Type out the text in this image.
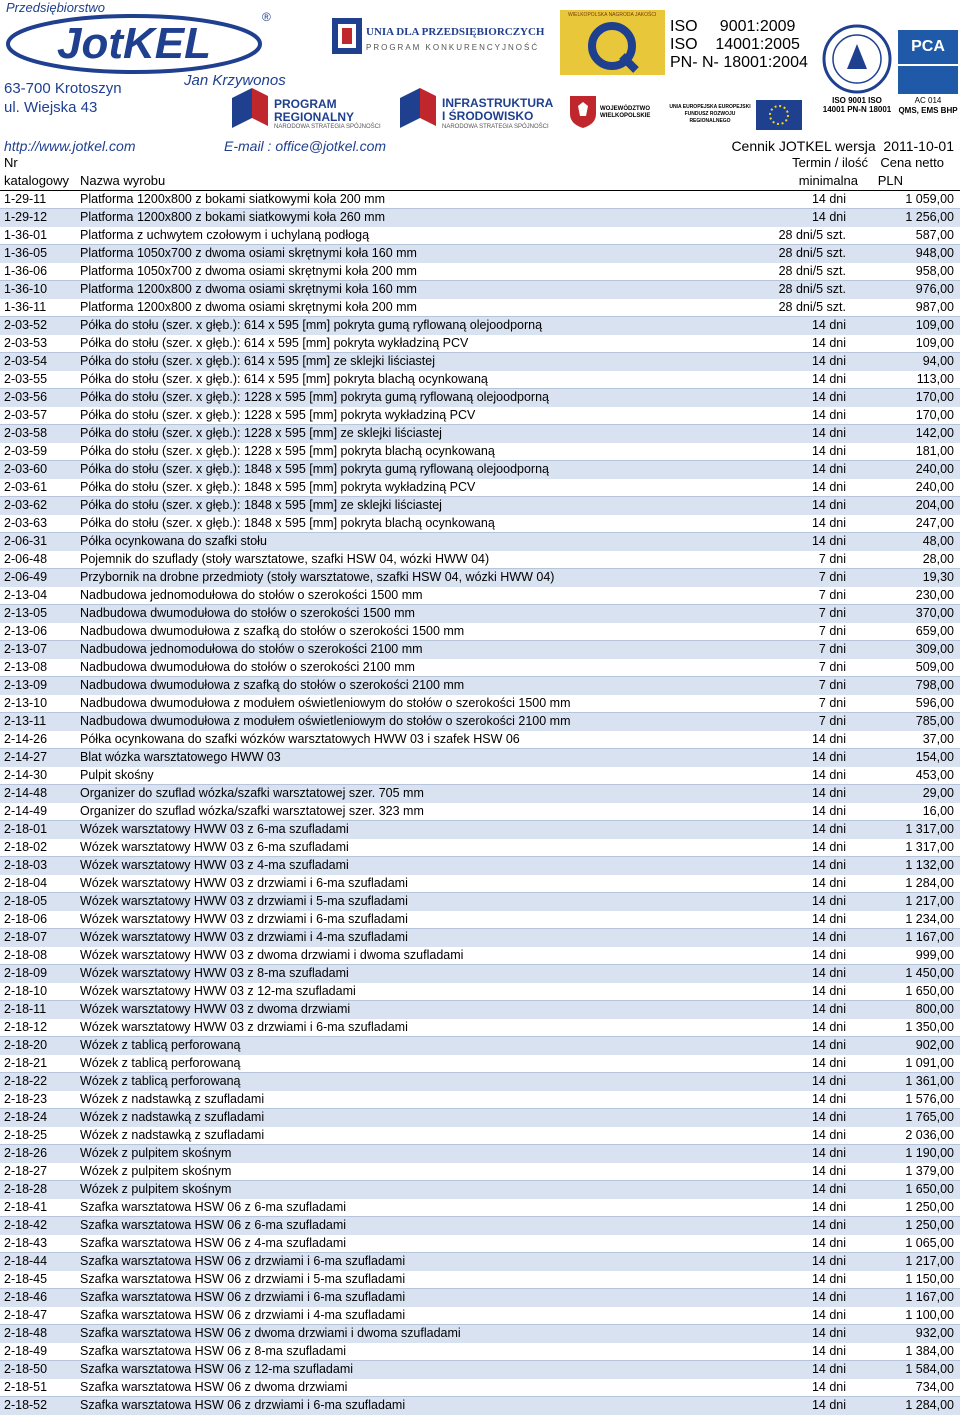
Przedsiębiorstwo
JotKEL
®
63-700 Krotoszyn
ul. Wiejska 43
Jan Krzywonos
http://www.jotkel.com	E-mail : office@jotkel.com
UNIA DLA PRZEDSIĘBIORCZYCH
PROGRAM KONKURENCYJNOŚĆ
WIELKOPOLSKA NAGRODA JAKOŚCI
ISO     9001:2009
ISO    14001:2005
PN- N- 18001:2004
ISO 9001 ISO 14001 PN-N 18001
PCA
AC 014
QMS, EMS BHP
PROGRAM REGIONALNY
NARODOWA STRATEGIA SPÓJNOŚCI
INFRASTRUKTURA
I ŚRODOWISKO
NARODOWA STRATEGIA SPÓJNOŚCI
WOJEWÓDZTWO WIELKOPOLSKIE
UNIA EUROPEJSKA EUROPEJSKI FUNDUSZ ROZWOJU REGIONALNEGO
Cennik JOTKEL wersja  2011-10-01
Nr	Termin / ilość Cena netto
katalogowy Nazwa wyrobu	minimalna PLN
1-29-11	Platforma 1200x800 z bokami siatkowymi koła 200 mm	14 dni	1 059,00
1-29-12	Platforma 1200x800 z bokami siatkowymi koła 260 mm	14 dni	1 256,00
1-36-01	Platforma z uchwytem czołowym i uchylaną podłogą	28 dni/5 szt.	587,00
1-36-05	Platforma 1050x700 z dwoma osiami skrętnymi koła 160 mm	28 dni/5 szt.	948,00
1-36-06	Platforma 1050x700 z dwoma osiami skrętnymi koła 200 mm	28 dni/5 szt.	958,00
1-36-10	Platforma 1200x800 z dwoma osiami skrętnymi koła 160 mm	28 dni/5 szt.	976,00
1-36-11	Platforma 1200x800 z dwoma osiami skrętnymi koła 200 mm	28 dni/5 szt.	987,00
2-03-52	Półka do stołu (szer. x głęb.): 614 x 595 [mm] pokryta gumą ryflowaną olejoodporną	14 dni	109,00
2-03-53	Półka do stołu (szer. x głęb.): 614 x 595 [mm] pokryta wykładziną PCV	14 dni	109,00
2-03-54	Półka do stołu (szer. x głęb.): 614 x 595 [mm] ze sklejki liściastej	14 dni	94,00
2-03-55	Półka do stołu (szer. x głęb.): 614 x 595 [mm] pokryta blachą ocynkowaną	14 dni	113,00
2-03-56	Półka do stołu (szer. x głęb.): 1228 x 595 [mm] pokryta gumą ryflowaną olejoodporną	14 dni	170,00
2-03-57	Półka do stołu (szer. x głęb.): 1228 x 595 [mm] pokryta wykładziną PCV	14 dni	170,00
2-03-58	Półka do stołu (szer. x głęb.): 1228 x 595 [mm] ze sklejki liściastej	14 dni	142,00
2-03-59	Półka do stołu (szer. x głęb.): 1228 x 595 [mm] pokryta blachą ocynkowaną	14 dni	181,00
2-03-60	Półka do stołu (szer. x głęb.): 1848 x 595 [mm] pokryta gumą ryflowaną olejoodporną	14 dni	240,00
2-03-61	Półka do stołu (szer. x głęb.): 1848 x 595 [mm] pokryta wykładziną PCV	14 dni	240,00
2-03-62	Półka do stołu (szer. x głęb.): 1848 x 595 [mm] ze sklejki liściastej	14 dni	204,00
2-03-63	Półka do stołu (szer. x głęb.): 1848 x 595 [mm] pokryta blachą ocynkowaną	14 dni	247,00
2-06-31	Półka ocynkowana do szafki stołu	14 dni	48,00
2-06-48	Pojemnik do szuflady (stoły warsztatowe, szafki HSW 04, wózki HWW 04)	7 dni	28,00
2-06-49	Przybornik na drobne przedmioty (stoły warsztatowe, szafki HSW 04, wózki HWW 04)	7 dni	19,30
2-13-04	Nadbudowa jednomodułowa do stołów o szerokości 1500 mm	7 dni	230,00
2-13-05	Nadbudowa dwumodułowa do stołów o szerokości 1500 mm	7 dni	370,00
2-13-06	Nadbudowa dwumodułowa z szafką do stołów o szerokości 1500 mm	7 dni	659,00
2-13-07	Nadbudowa jednomodułowa do stołów o szerokości 2100 mm	7 dni	309,00
2-13-08	Nadbudowa dwumodułowa do stołów o szerokości 2100 mm	7 dni	509,00
2-13-09	Nadbudowa dwumodułowa z szafką do stołów o szerokości 2100 mm	7 dni	798,00
2-13-10	Nadbudowa dwumodułowa z modułem oświetleniowym do stołów o szerokości 1500 mm	7 dni	596,00
2-13-11	Nadbudowa dwumodułowa z modułem oświetleniowym do stołów o szerokości 2100 mm	7 dni	785,00
2-14-26	Półka ocynkowana do szafki wózków warsztatowych HWW 03 i szafek HSW 06	14 dni	37,00
2-14-27	Blat wózka warsztatowego HWW 03	14 dni	154,00
2-14-30	Pulpit skośny	14 dni	453,00
2-14-48	Organizer do szuflad wózka/szafki warsztatowej szer. 705 mm	14 dni	29,00
2-14-49	Organizer do szuflad wózka/szafki warsztatowej szer. 323 mm	14 dni	16,00
2-18-01	Wózek warsztatowy HWW 03 z 6-ma szufladami	14 dni	1 317,00
2-18-02	Wózek warsztatowy HWW 03 z 6-ma szufladami	14 dni	1 317,00
2-18-03	Wózek warsztatowy HWW 03 z 4-ma szufladami	14 dni	1 132,00
2-18-04	Wózek warsztatowy HWW 03 z drzwiami i 6-ma szufladami	14 dni	1 284,00
2-18-05	Wózek warsztatowy HWW 03 z drzwiami i 5-ma szufladami	14 dni	1 217,00
2-18-06	Wózek warsztatowy HWW 03 z drzwiami i 6-ma szufladami	14 dni	1 234,00
2-18-07	Wózek warsztatowy HWW 03 z drzwiami i 4-ma szufladami	14 dni	1 167,00
2-18-08	Wózek warsztatowy HWW 03 z dwoma drzwiami i dwoma szufladami	14 dni	999,00
2-18-09	Wózek warsztatowy HWW 03 z 8-ma szufladami	14 dni	1 450,00
2-18-10	Wózek warsztatowy HWW 03 z 12-ma szufladami	14 dni	1 650,00
2-18-11	Wózek warsztatowy HWW 03 z dwoma drzwiami	14 dni	800,00
2-18-12	Wózek warsztatowy HWW 03 z drzwiami i 6-ma szufladami	14 dni	1 350,00
2-18-20	Wózek z tablicą perforowaną	14 dni	902,00
2-18-21	Wózek z tablicą perforowaną	14 dni	1 091,00
2-18-22	Wózek z tablicą perforowaną	14 dni	1 361,00
2-18-23	Wózek z nadstawką z szufladami	14 dni	1 576,00
2-18-24	Wózek z nadstawką z szufladami	14 dni	1 765,00
2-18-25	Wózek z nadstawką z szufladami	14 dni	2 036,00
2-18-26	Wózek z pulpitem skośnym	14 dni	1 190,00
2-18-27	Wózek z pulpitem skośnym	14 dni	1 379,00
2-18-28	Wózek z pulpitem skośnym	14 dni	1 650,00
2-18-41	Szafka warsztatowa HSW 06 z 6-ma szufladami	14 dni	1 250,00
2-18-42	Szafka warsztatowa HSW 06 z 6-ma szufladami	14 dni	1 250,00
2-18-43	Szafka warsztatowa HSW 06 z 4-ma szufladami	14 dni	1 065,00
2-18-44	Szafka warsztatowa HSW 06 z drzwiami i 6-ma szufladami	14 dni	1 217,00
2-18-45	Szafka warsztatowa HSW 06 z drzwiami i 5-ma szufladami	14 dni	1 150,00
2-18-46	Szafka warsztatowa HSW 06 z drzwiami i 6-ma szufladami	14 dni	1 167,00
2-18-47	Szafka warsztatowa HSW 06 z drzwiami i 4-ma szufladami	14 dni	1 100,00
2-18-48	Szafka warsztatowa HSW 06 z dwoma drzwiami i dwoma szufladami	14 dni	932,00
2-18-49	Szafka warsztatowa HSW 06 z 8-ma szufladami	14 dni	1 384,00
2-18-50	Szafka warsztatowa HSW 06 z 12-ma szufladami	14 dni	1 584,00
2-18-51	Szafka warsztatowa HSW 06 z dwoma drzwiami	14 dni	734,00
2-18-52	Szafka warsztatowa HSW 06 z drzwiami i 6-ma szufladami	14 dni	1 284,00
